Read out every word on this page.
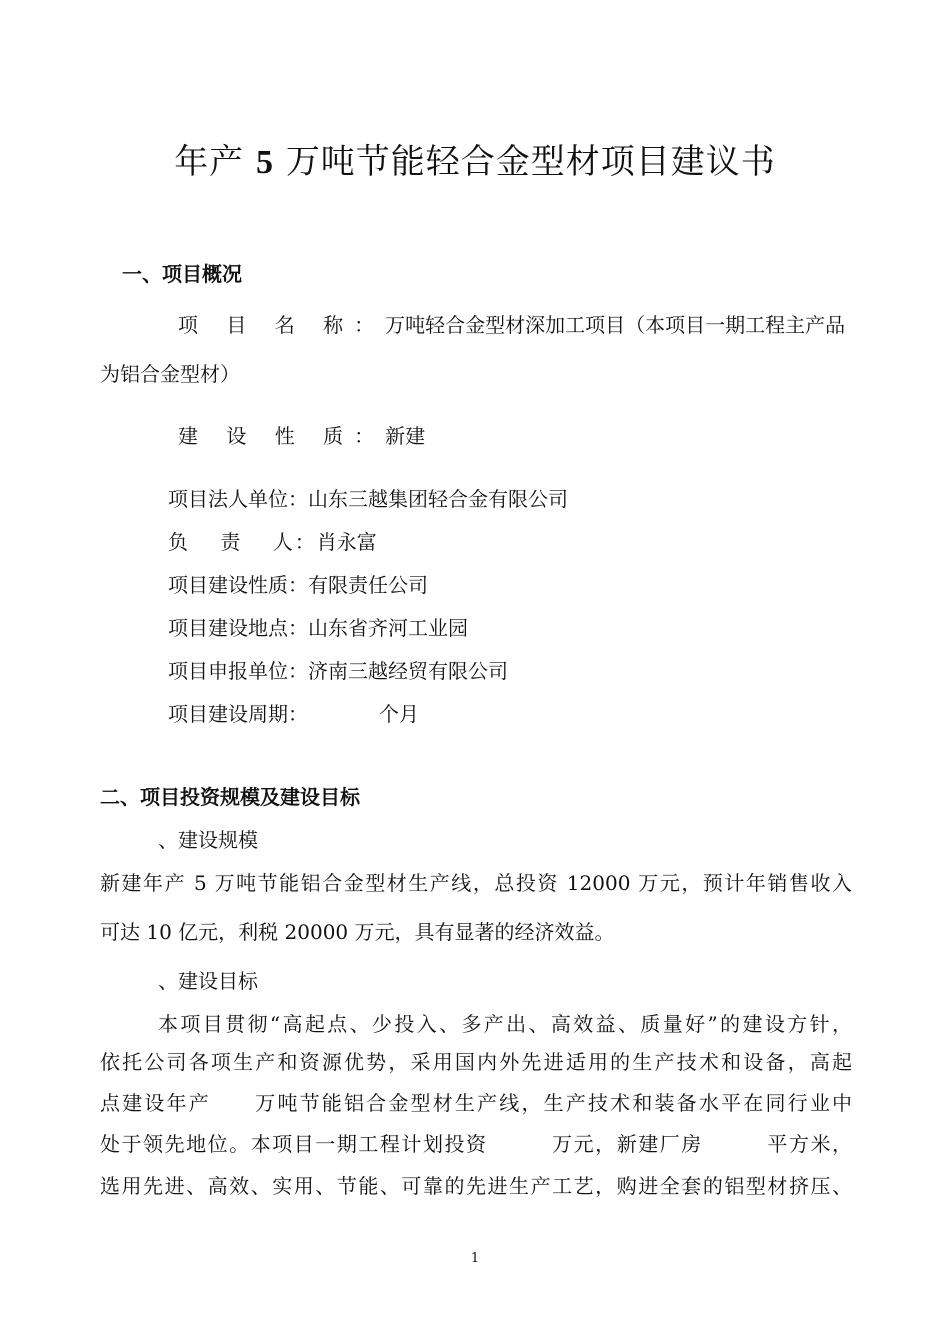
年产 5 万吨节能轻合金型材项目建议书
一、项目概况
项 目 名 称：万吨轻合金型材深加工项目（本项目一期工程主产品
为铝合金型材）
建 设 性 质：新建
项目法人单位：山东三越集团轻合金有限公司
负　 责　 人：肖永富
项目建设性质：有限责任公司
项目建设地点：山东省齐河工业园
项目申报单位：济南三越经贸有限公司
项目建设周期：	个月
二、项目投资规模及建设目标
、建设规模
新建年产 5 万吨节能铝合金型材生产线，总投资 12000 万元，预计年销售收入
可达 10 亿元，利税 20000 万元，具有显著的经济效益。
、建设目标
本项目贯彻“高起点、少投入、多产出、高效益、质量好”的建设方针，
依托公司各项生产和资源优势，采用国内外先进适用的生产技术和设备，高起
点建设年产　　万吨节能铝合金型材生产线，生产技术和装备水平在同行业中
处于领先地位。本项目一期工程计划投资　　　万元，新建厂房　　　平方米，
选用先进、高效、实用、节能、可靠的先进生产工艺，购进全套的铝型材挤压、
1
